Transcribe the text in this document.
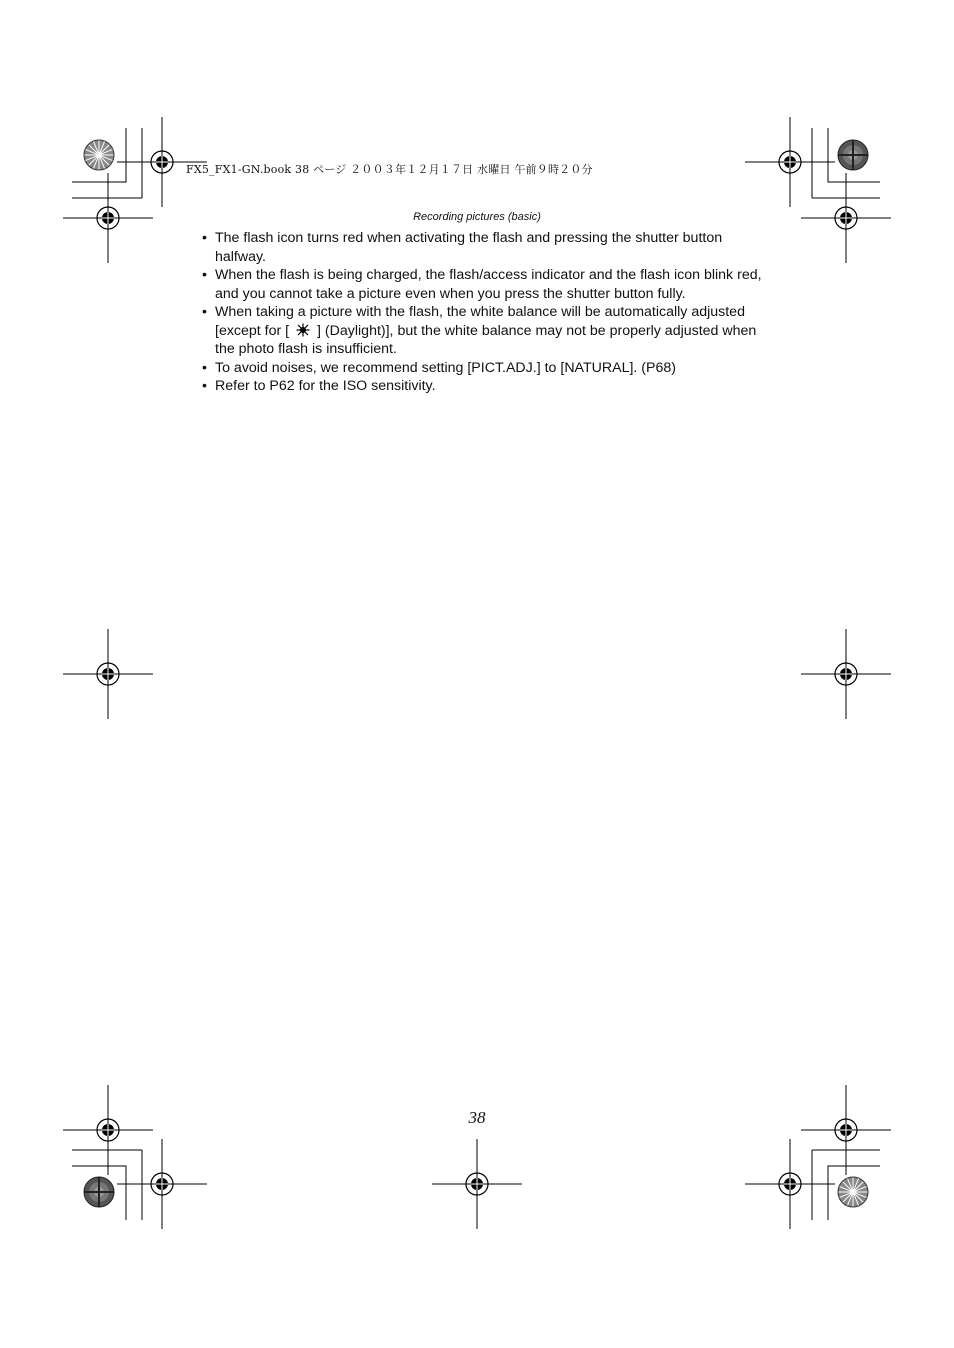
FX5_FX1-GN.book 38 ページ ２００３年１２月１７日 水曜日 午前９時２０分
Recording pictures (basic)
• The flash icon turns red when activating the flash and pressing the shutter button halfway.
• When the flash is being charged, the flash/access indicator and the flash icon blink red, and you cannot take a picture even when you press the shutter button fully.
• When taking a picture with the flash, the white balance will be automatically adjusted [except for [ ] (Daylight)], but the white balance may not be properly adjusted when the photo flash is insufficient.
• To avoid noises, we recommend setting [PICT.ADJ.] to [NATURAL]. (P68)
• Refer to P62 for the ISO sensitivity.
38
